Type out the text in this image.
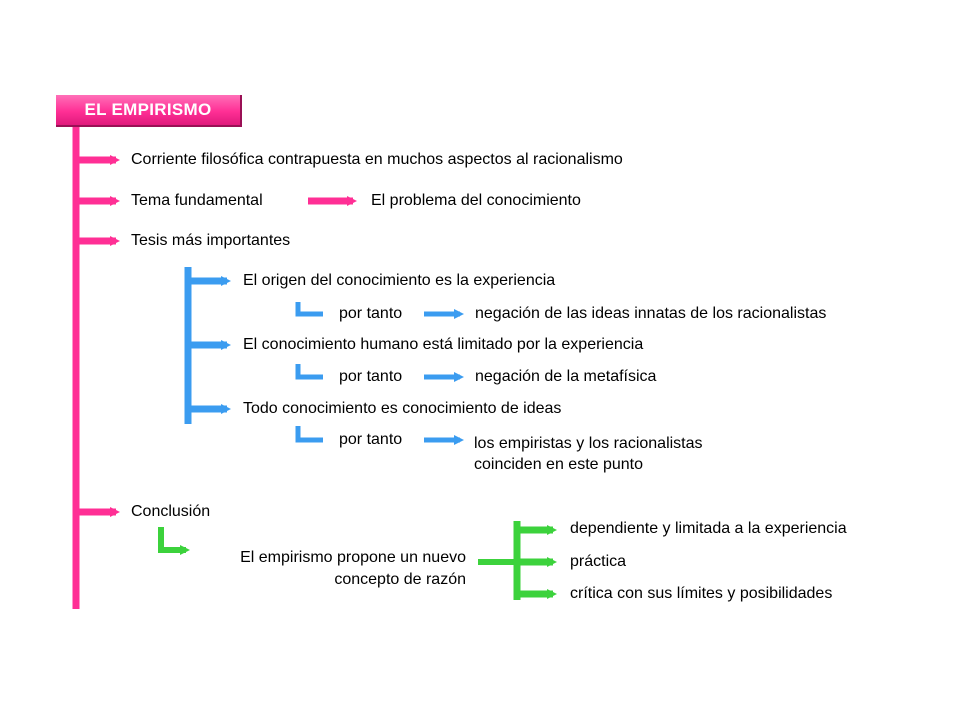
EL EMPIRISMO
Corriente filosófica contrapuesta en muchos aspectos al racionalismo
Tema fundamental	El problema del conocimiento
Tesis más importantes
El origen del conocimiento es la experiencia
por tanto	negación de las ideas innatas de los racionalistas
El conocimiento humano está limitado por la experiencia
por tanto	negación de la metafísica
Todo conocimiento es conocimiento de ideas
por tanto	los empiristas y los racionalistas
coinciden en este punto
Conclusión
El empirismo propone un nuevo
concepto de razón
dependiente y limitada a la experiencia
práctica
crítica con sus límites y posibilidades
